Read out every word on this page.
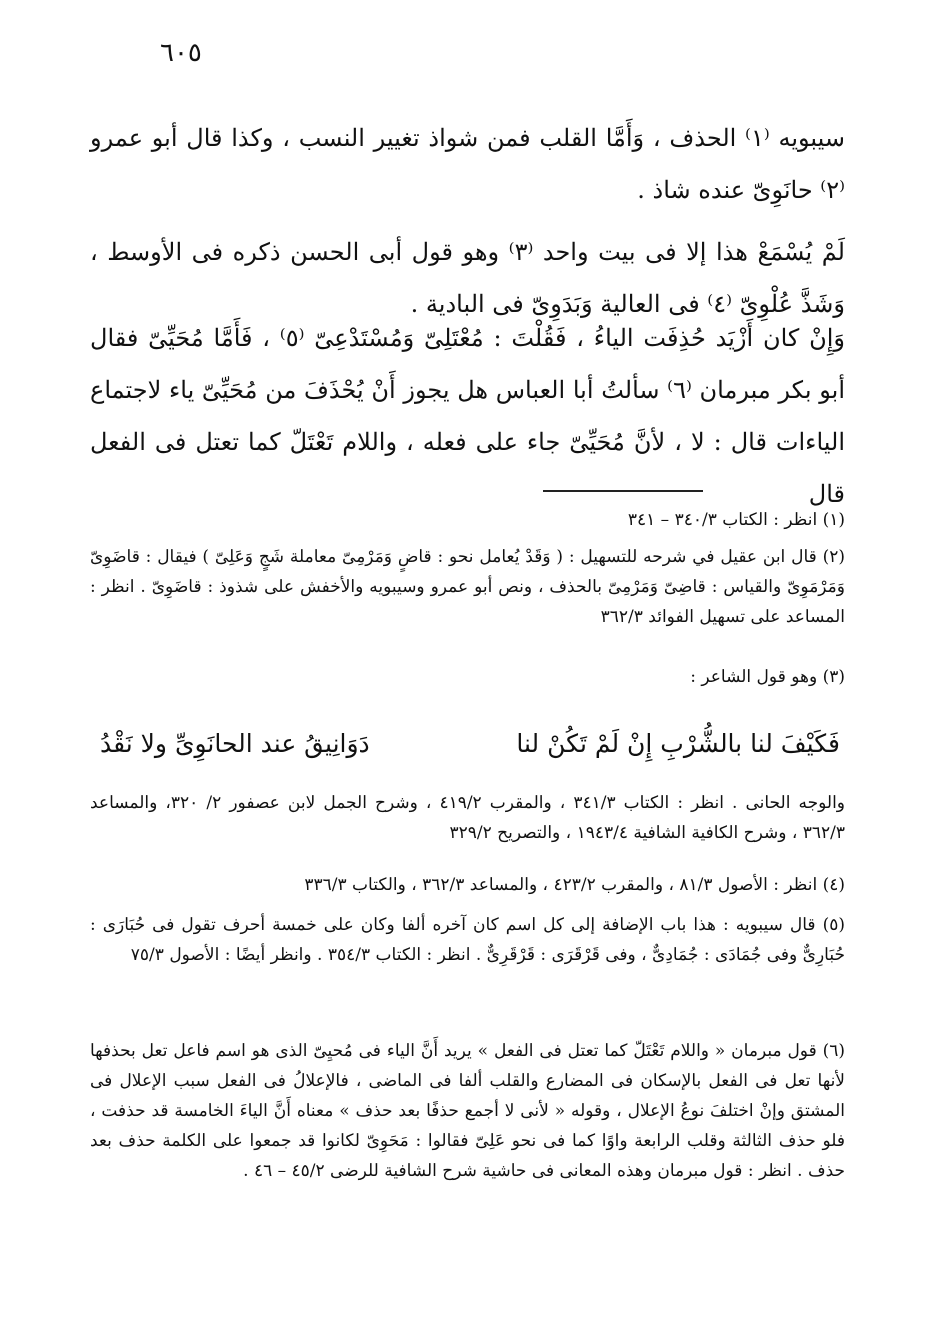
٦٠٥
سيبويه ⁽١⁾ الحذف ، وَأَمَّا القلب فمن شواذ تغيير النسب ، وكذا قال أبو عمرو ⁽٢⁾ حانَوِىّ عنده شاذ .
لَمْ يُسْمَعْ هذا إلا فى بيت واحد ⁽٣⁾ وهو قول أبى الحسن ذكره فى الأوسط ، وَشَذَّ عُلْوِىّ ⁽٤⁾ فى العالية وَبَدَوِىّ فى البادية .
وَإِنْ كان أَزْيَد حُذِفَت الياءُ ، فَقُلْتَ : مُعْتَلِىّ وَمُسْتَدْعِىّ ⁽٥⁾ ، فَأَمَّا مُحَيِّىّ فقال أبو بكر مبرمان ⁽٦⁾ سألتُ أبا العباس هل يجوز أَنْ يُحْذَفَ من مُحَيِّىّ ياء لاجتماع الياءات قال : لا ، لأنَّ مُحَيِّىّ جاء على فعله ، واللام تَعْتَلّ كما تعتل فى الفعل قال
(١) انظر : الكتاب ٣٤٠/٣ – ٣٤١
(٢) قال ابن عقيل في شرحه للتسهيل : ( وَقَدْ يُعامل نحو : قاضٍ وَمَرْمِىّ معاملة شَجٍ وَعَلِىّ ) فيقال : قاضَوِىّ وَمَرْمَوِىّ والقياس : قاضِىّ وَمَرْمِىّ بالحذف ، ونص أبو عمرو وسيبويه والأخفش على شذوذ : قاضَوِىّ . انظر : المساعد على تسهيل الفوائد ٣٦٢/٣
(٣) وهو قول الشاعر :
فَكَيْفَ لنا بالشُّرْبِ إِنْ لَمْ تَكُنْ لنا
دَوَانِيقُ عند الحانَوِىِّ ولا نَقْدُ
والوجه الحانى . انظر : الكتاب ٣٤١/٣ ، والمقرب ٤١٩/٢ ، وشرح الجمل لابن عصفور ٢/ ٣٢٠، والمساعد ٣٦٢/٣ ، وشرح الكافية الشافية ١٩٤٣/٤ ، والتصريح ٣٢٩/٢
(٤) انظر : الأصول ٨١/٣ ، والمقرب ٤٢٣/٢ ، والمساعد ٣٦٢/٣ ، والكتاب ٣٣٦/٣
(٥) قال سيبويه : هذا باب الإضافة إلى كل اسم كان آخره ألفا وكان على خمسة أحرف تقول فى حُبَارَى : حُبَارِىٌّ وفى جُمَادَى : جُمَادِىٌّ ، وفى قَرْقَرَى : قَرْقَرِىٌّ . انظر : الكتاب ٣٥٤/٣ . وانظر أيضًا : الأصول ٧٥/٣
(٦) قول مبرمان « واللام تَعْتَلّ كما تعتل فى الفعل » يريد أَنَّ الياء فى مُحيِىّ الذى هو اسم فاعل تعل بحذفها لأنها تعل فى الفعل بالإسكان فى المضارع والقلب ألفا فى الماضى ، فالإعلالُ فى الفعل سبب الإعلال فى المشتق وإنْ اختلفَ نوعُ الإعلال ، وقوله « لأنى لا أجمع حذفًا بعد حذف » معناه أَنَّ الياءَ الخامسة قد حذفت ، فلو حذف الثالثة وقلب الرابعة واوًا كما فى نحو عَلِىّ فقالوا : مَحَوِىّ لكانوا قد جمعوا على الكلمة حذف بعد حذف . انظر : قول مبرمان وهذه المعانى فى حاشية شرح الشافية للرضى ٤٥/٢ – ٤٦ .
